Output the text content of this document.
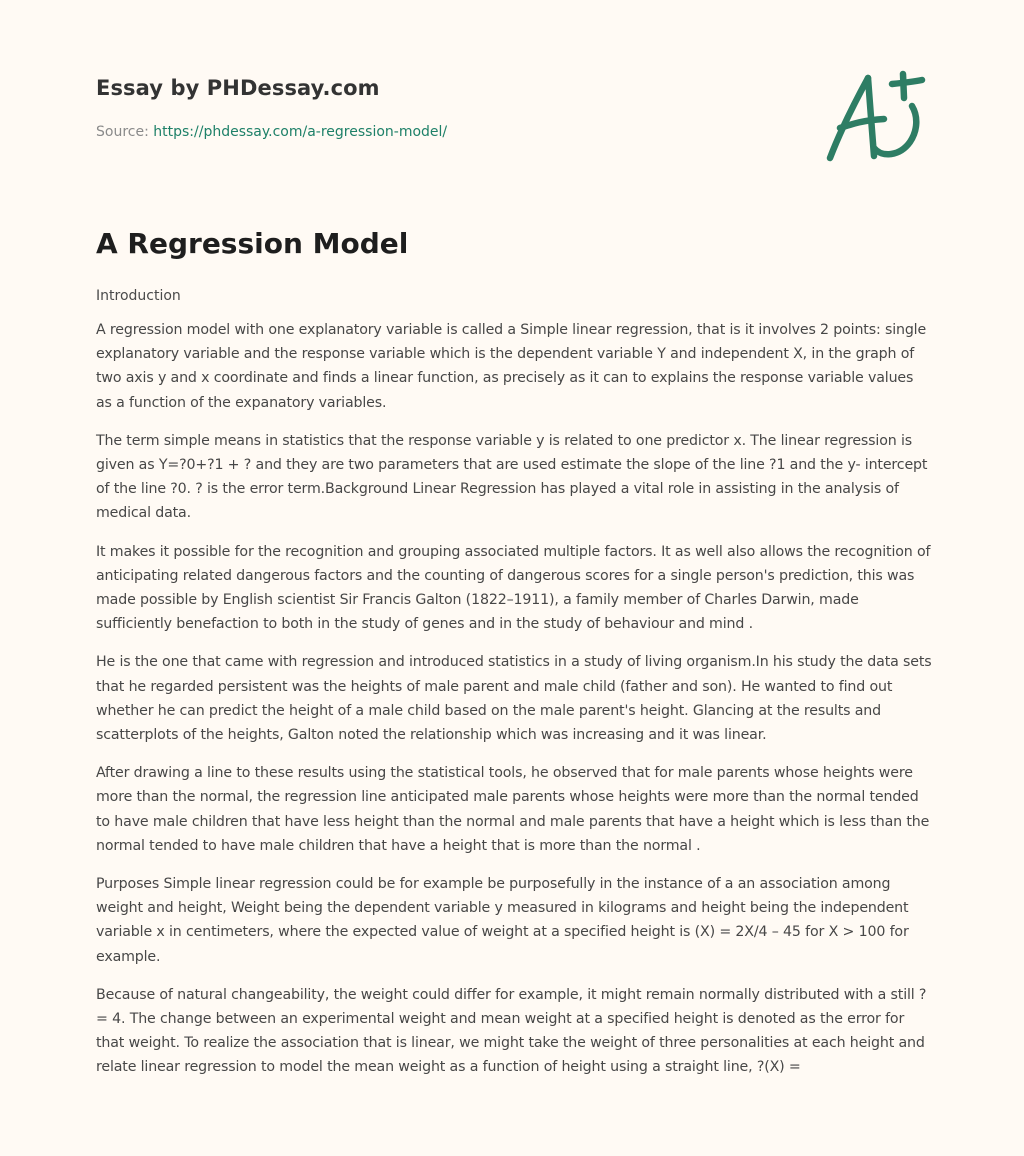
Essay by PHDessay.com
Source: https://phdessay.com/a-regression-model/
A Regression Model

Introduction

A regression model with one explanatory variable is called a Simple linear regression, that is it involves 2 points: single explanatory variable and the response variable which is the dependent variable Y and independent X, in the graph of two axis y and x coordinate and finds a linear function, as precisely as it can to explains the response variable values as a function of the expanatory variables.

The term simple means in statistics that the response variable y is related to one predictor x. The linear regression is given as Y=?0+?1 + ? and they are two parameters that are used estimate the slope of the line ?1 and the y- intercept of the line ?0. ? is the error term.Background Linear Regression has played a vital role in assisting in the analysis of medical data.

It makes it possible for the recognition and grouping associated multiple factors. It as well also allows the recognition of anticipating related dangerous factors and the counting of dangerous scores for a single person's prediction, this was made possible by English scientist Sir Francis Galton (1822–1911), a family member of Charles Darwin, made sufficiently benefaction to both in the study of genes and in the study of behaviour and mind .

He is the one that came with regression and introduced statistics in a study of living organism.In his study the data sets that he regarded persistent was the heights of male parent and male child (father and son). He wanted to find out whether he can predict the height of a male child based on the male parent's height. Glancing at the results and scatterplots of the heights, Galton noted the relationship which was increasing and it was linear.

After drawing a line to these results using the statistical tools, he observed that for male parents whose heights were more than the normal, the regression line anticipated male parents whose heights were more than the normal tended to have male children that have less height than the normal and male parents that have a height which is less than the normal tended to have male children that have a height that is more than the normal .

Purposes Simple linear regression could be for example be purposefully in the instance of a an association among weight and height, Weight being the dependent variable y measured in kilograms and height being the independent variable x in centimeters, where the expected value of weight at a specified height is (X) = 2X/4 – 45 for X > 100 for example.

Because of natural changeability, the weight could differ for example, it might remain normally distributed with a still ? = 4. The change between an experimental weight and mean weight at a specified height is denoted as the error for that weight. To realize the association that is linear, we might take the weight of three personalities at each height and relate linear regression to model the mean weight as a function of height using a straight line, ?(X) =
